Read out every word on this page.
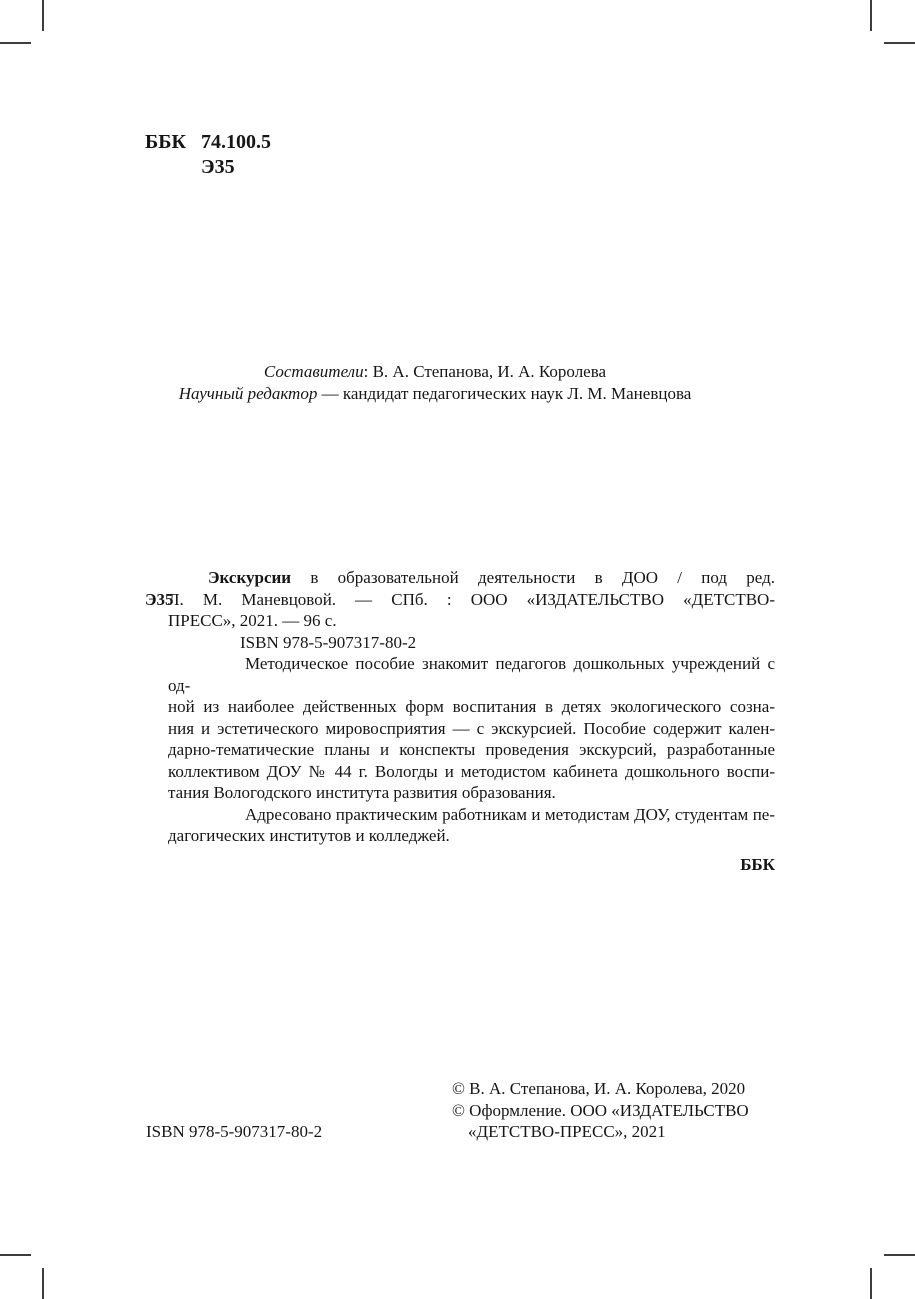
ББК 74.100.5
Э35
Составители: В. А. Степанова, И. А. Королева
Научный редактор — кандидат педагогических наук Л. М. Маневцова
Э35
Экскурсии в образовательной деятельности в ДОО / под ред.
Л. М. Маневцовой. — СПб. : ООО «ИЗДАТЕЛЬСТВО «ДЕТСТВО-
ПРЕСС», 2021. — 96 с.
ISBN 978-5-907317-80-2
Методическое пособие знакомит педагогов дошкольных учреждений с од-
ной из наиболее действенных форм воспитания в детях экологического созна-
ния и эстетического мировосприятия — с экскурсией. Пособие содержит кален-
дарно-тематические планы и конспекты проведения экскурсий, разработанные
коллективом ДОУ № 44 г. Вологды и методистом кабинета дошкольного воспи-
тания Вологодского института развития образования.
Адресовано практическим работникам и методистам ДОУ, студентам пе-
дагогических институтов и колледжей.
ББК
ISBN 978-5-907317-80-2
© В. А. Степанова, И. А. Королева, 2020
© Оформление. ООО «ИЗДАТЕЛЬСТВО
«ДЕТСТВО-ПРЕСС», 2021
